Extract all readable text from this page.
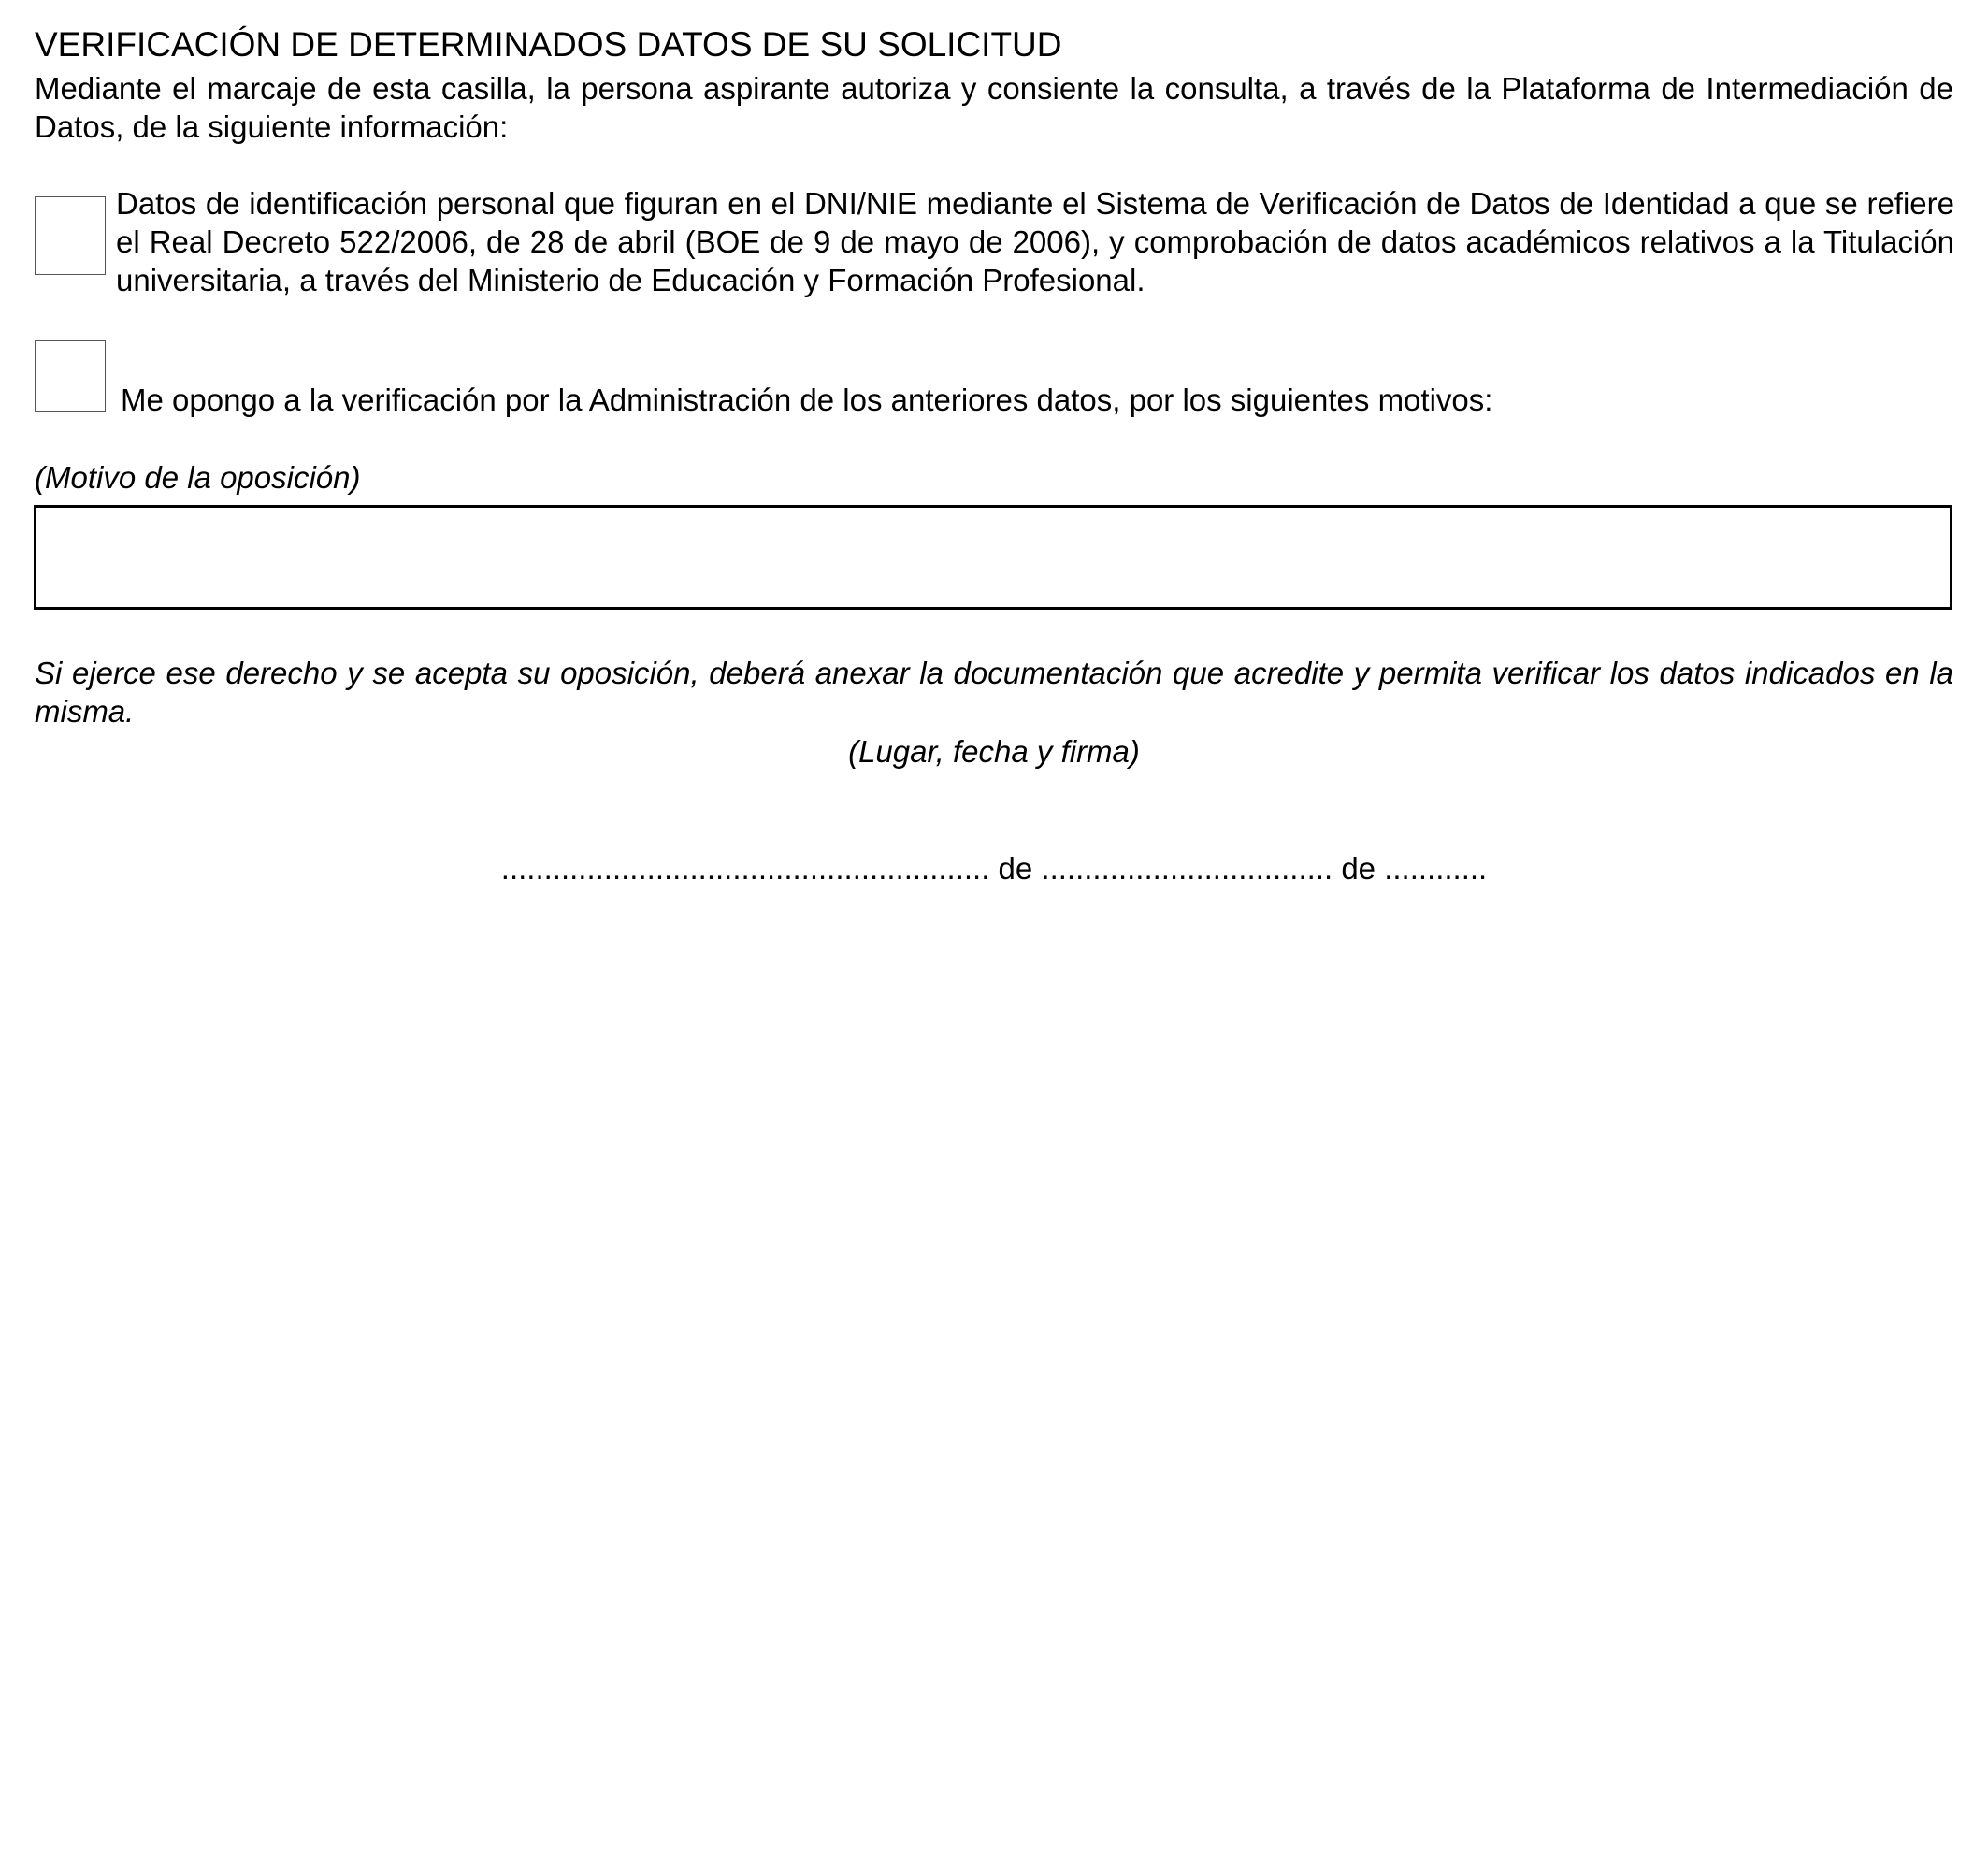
VERIFICACIÓN DE DETERMINADOS DATOS DE SU SOLICITUD
Mediante el marcaje de esta casilla, la persona aspirante autoriza y consiente la consulta, a través de la Plataforma de Intermediación de Datos, de la siguiente información:
Datos de identificación personal que figuran en el DNI/NIE mediante el Sistema de Verificación de Datos de Identidad a que se refiere el Real Decreto 522/2006, de 28 de abril (BOE de 9 de mayo de 2006), y comprobación de datos académicos relativos a la Titulación universitaria, a través del Ministerio de Educación y Formación Profesional.
Me opongo a la verificación por la Administración de los anteriores datos, por los siguientes motivos:
(Motivo de la oposición)
Si ejerce ese derecho y se acepta su oposición, deberá anexar la documentación que acredite y permita verificar los datos indicados en la misma.
(Lugar, fecha y firma)
......................................................... de .................................. de ............
